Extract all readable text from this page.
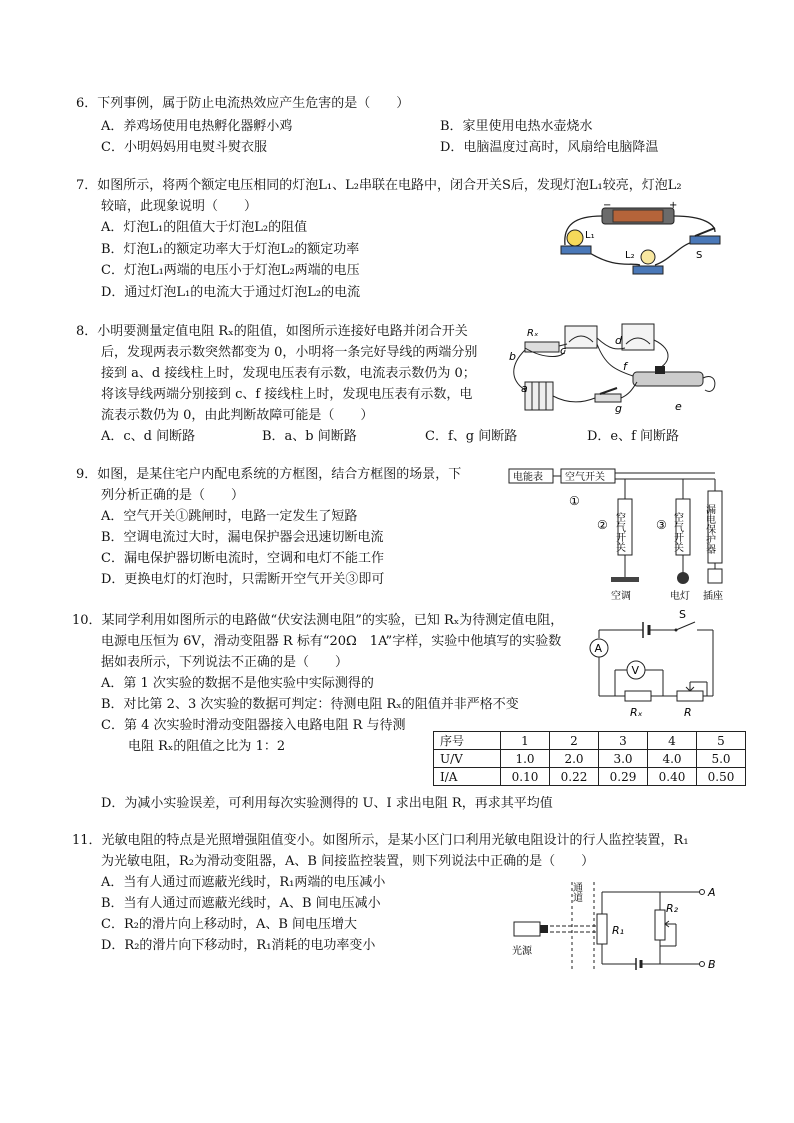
6．下列事例，属于防止电流热效应产生危害的是（　　）
A．养鸡场使用电热孵化器孵小鸡	B．家里使用电热水壶烧水
C．小明妈妈用电熨斗熨衣服	D．电脑温度过高时，风扇给电脑降温
7．如图所示，将两个额定电压相同的灯泡L₁、L₂串联在电路中，闭合开关S后，发现灯泡L₁较亮，灯泡L₂
较暗，此现象说明（　　）
A．灯泡L₁的阻值大于灯泡L₂的阻值
B．灯泡L₁的额定功率大于灯泡L₂的额定功率
C．灯泡L₁两端的电压小于灯泡L₂两端的电压
D．通过灯泡L₁的电流大于通过灯泡L₂的电流
−	+
L₁
L₂	S
8．小明要测量定值电阻 Rₓ的阻值，如图所示连接好电路并闭合开关
后，发现两表示数突然都变为 0，小明将一条完好导线的两端分别
接到 a、d 接线柱上时，发现电压表有示数，电流表示数仍为 0；
将该导线两端分别接到 c、f 接线柱上时，发现电压表有示数，电
流表示数仍为 0，由此判断故障可能是（　　）
A．c、d 间断路	B．a、b 间断路	C．f、g 间断路	D．e、f 间断路
Rₓ
b	c
d
a
f
e
g
9．如图，是某住宅户内配电系统的方框图，结合方框图的场景，下
列分析正确的是（　　）
A．空气开关①跳闸时，电路一定发生了短路
B．空调电流过大时，漏电保护器会迅速切断电流
C．漏电保护器切断电流时，空调和电灯不能工作
D．更换电灯的灯泡时，只需断开空气开关③即可
电能表 空气开关
①
空气开关
②	空气开关
③	漏电保护器
空调	电灯 插座
10．某同学利用如图所示的电路做“伏安法测电阻”的实验，已知 Rₓ为待测定值电阻，
电源电压恒为 6V，滑动变阻器 R 标有“20Ω　1A”字样，实验中他填写的实验数
据如表所示，下列说法不正确的是（　　）
A．第 1 次实验的数据不是他实验中实际测得的
B．对比第 2、3 次实验的数据可判定：待测电阻 Rₓ的阻值并非严格不变
C．第 4 次实验时滑动变阻器接入电路电阻 R 与待测
电阻 Rₓ的阻值之比为 1：2
D．为减小实验误差，可利用每次实验测得的 U、I 求出电阻 R，再求其平均值
序号	1	2	3	4	5
U/V	1.0	2.0	3.0	4.0	5.0
I/A	0.10	0.22	0.29	0.40	0.50
S
A
V
Rₓ	R
11．光敏电阻的特点是光照增强阻值变小。如图所示，是某小区门口利用光敏电阻设计的行人监控装置，R₁
为光敏电阻，R₂为滑动变阻器，A、B 间接监控装置，则下列说法中正确的是（　　）
A．当有人通过而遮蔽光线时，R₁两端的电压减小
B．当有人通过而遮蔽光线时，A、B 间电压减小
C．R₂的滑片向上移动时，A、B 间电压增大
D．R₂的滑片向下移动时，R₁消耗的电功率变小
通道
光源
A
R₁
B
R₂
